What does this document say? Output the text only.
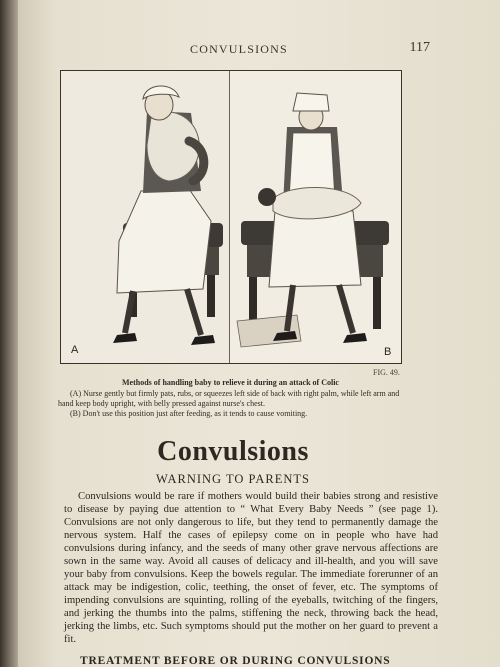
CONVULSIONS	117
A	B
FIG. 49.
Methods of handling baby to relieve it during an attack of Colic

(A) Nurse gently but firmly pats, rubs, or squeezes left side of back with right palm, while left arm and hand keep body upright, with belly pressed against nurse's chest.

(B) Don't use this position just after feeding, as it tends to cause vomiting.

Convulsions
WARNING TO PARENTS

Convulsions would be rare if mothers would build their babies strong and resistive to disease by paying due attention to “ What Every Baby Needs ” (see page 1). Convulsions are not only dangerous to life, but they tend to permanently damage the nervous system. Half the cases of epilepsy come on in people who have had convulsions during infancy, and the seeds of many other grave nervous affections are sown in the same way. Avoid all causes of delicacy and ill-health, and you will save your baby from convulsions. Keep the bowels regular. The immediate forerunner of an attack may be indigestion, colic, teething, the onset of fever, etc. The symptoms of impending convulsions are squinting, rolling of the eyeballs, twitching of the fingers, and jerking the thumbs into the palms, stiffening the neck, throwing back the head, jerking the limbs, etc. Such symptoms should put the mother on her guard to prevent a fit.

TREATMENT BEFORE OR DURING CONVULSIONS
